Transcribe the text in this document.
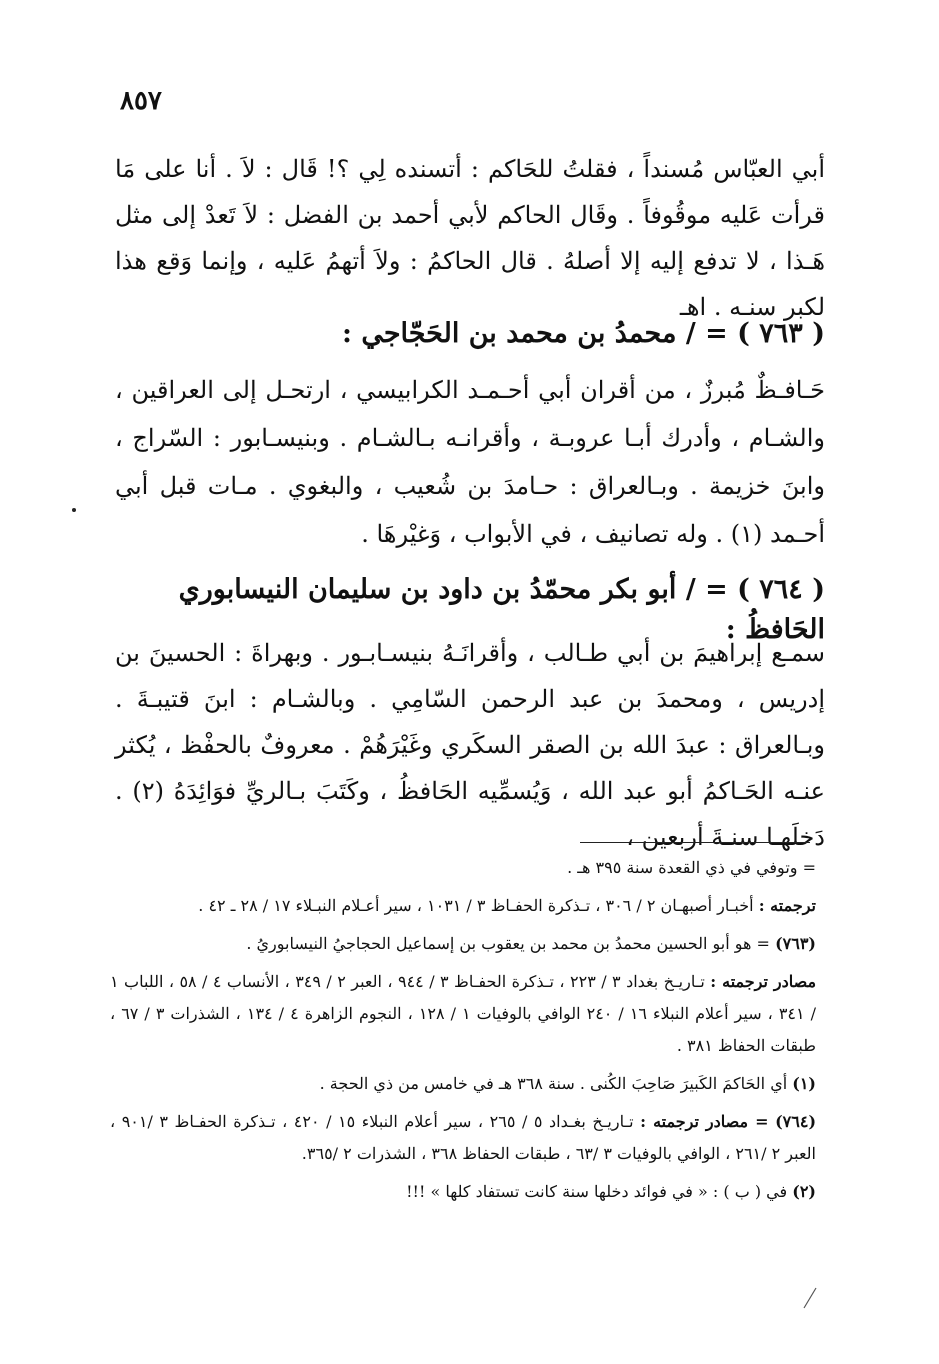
٨٥٧

أبي العبّاس مُسنداً ، فقلتُ للحَاكم : أتسنده لِي ؟! قَال : لاَ . أنا على مَا قرأت عَليه موقُوفاً . وقَال الحاكم لأبي أحمد بن الفضل : لاَ تَعدْ إلى مثل هَـذا ، لا تدفع إليه إلا أصلهُ . قال الحاكمُ : ولاَ أتهمُ عَليه ، وإنما وَقع هذا لكبر سنـه . اهـ

( ٧٦٣ ) = / محمدُ بن محمد بن الحَجّاجي :

حَـافـظٌ مُبرزٌ ، من أقران أبي أحـمـد الكرابيسي ، ارتحـل إلى العراقين ، والشـام ، وأدرك أبـا عروبـة ، وأقرانـه بـالشـام . وبنيسـابور : السّراج ، وابنَ خزيمة . وبـالعراق : حـامدَ بن شُعيب ، والبغوي . مـات قبل أبي أحـمد (١) . وله تصانيف ، في الأبواب ، وَغيْرهَا .

( ٧٦٤ ) = / أبو بكر محمّدُ بن داود بن سليمان النيسابوري الحَافظُ :

سمـع إبراهيمَ بن أبي طـالب ، وأقرانَـهُ بنيسـابـور . وبهراةَ : الحسينَ بن إدريس ، ومحمدَ بن عبد الرحمن السّامِي . وبالشـام : ابنَ قتيبـةَ . وبـالعراق : عبدَ الله بن الصقر السكَري وغَيْرَهُمْ . معروفٌ بالحفْظ ، يُكثر عنـه الحَـاكمُ أبو عبد الله ، وَيُسمِّيه الحَافظُ ، وكَتَبَ بـالريِّ فوَائِدَهُ (٢) . دَخلَهـا سنـةَ أربعين ،

= وتوفي في ذي القعدة سنة ٣٩٥ هـ .

ترجمته : أخبـار أصبهـان ٢ / ٣٠٦ ، تـذكرة الحفـاظ ٣ / ١٠٣١ ، سير أعـلام النبـلاء ١٧ / ٢٨ ـ ٤٢ .

(٧٦٣) = هو أبو الحسين محمدُ بن محمد بن يعقوب بن إسماعيل الحجاجيُ النيسابوريُ .

مصادر ترجمته : تـاريـخ بغداد ٣ / ٢٢٣ ، تـذكرة الحفـاظ ٣ / ٩٤٤ ، العبر ٢ / ٣٤٩ ، الأنساب ٤ / ٥٨ ، اللباب ١ / ٣٤١ ، سير أعلام النبلاء ١٦ / ٢٤٠ الوافي بالوفيات ١ / ١٢٨ ، النجوم الزاهرة ٤ / ١٣٤ ، الشذرات ٣ / ٦٧ ، طبقات الحفاظ ٣٨١ .

(١) أي الحَاكمَ الكَبيرَ صَاحِبَ الكُنى . سنة ٣٦٨ هـ في خامس من ذي الحجة .

(٧٦٤) = مصادر ترجمته : تـاريـخ بغـداد ٥ / ٢٦٥ ، سير أعلام النبلاء ١٥ / ٤٢٠ ، تـذكرة الحفـاظ ٣ /٩٠١ ، العبر ٢ /٢٦١ ، الوافي بالوفيات ٣ /٦٣ ، طبقات الحفاظ ٣٦٨ ، الشذرات ٢ /٣٦٥.

(٢) في ( ب ) : « في فوائد دخلها سنة كانت تستفاد كلها » !!!
